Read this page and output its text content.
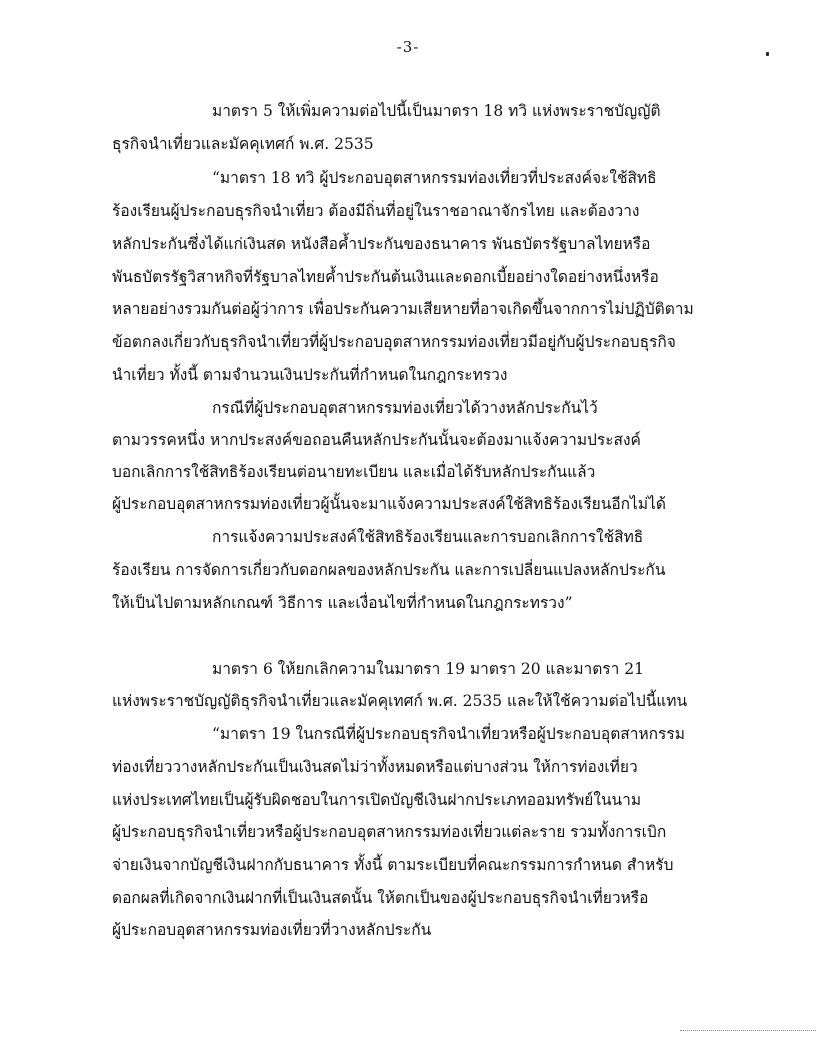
-3-
มาตรา 5 ให้เพิ่มความต่อไปนี้เป็นมาตรา 18 ทวิ แห่งพระราชบัญญัติ
ธุรกิจนำเที่ยวและมัคคุเทศก์ พ.ศ. 2535
“มาตรา 18 ทวิ ผู้ประกอบอุตสาหกรรมท่องเที่ยวที่ประสงค์จะใช้สิทธิ
ร้องเรียนผู้ประกอบธุรกิจนำเที่ยว ต้องมีถิ่นที่อยู่ในราชอาณาจักรไทย และต้องวาง
หลักประกันซึ่งได้แก่เงินสด หนังสือค้ำประกันของธนาคาร พันธบัตรรัฐบาลไทยหรือ
พันธบัตรรัฐวิสาหกิจที่รัฐบาลไทยค้ำประกันต้นเงินและดอกเบี้ยอย่างใดอย่างหนึ่งหรือ
หลายอย่างรวมกันต่อผู้ว่าการ เพื่อประกันความเสียหายที่อาจเกิดขึ้นจากการไม่ปฏิบัติตาม
ข้อตกลงเกี่ยวกับธุรกิจนำเที่ยวที่ผู้ประกอบอุตสาหกรรมท่องเที่ยวมีอยู่กับผู้ประกอบธุรกิจ
นำเที่ยว ทั้งนี้ ตามจำนวนเงินประกันที่กำหนดในกฎกระทรวง
กรณีที่ผู้ประกอบอุตสาหกรรมท่องเที่ยวได้วางหลักประกันไว้
ตามวรรคหนึ่ง หากประสงค์ขอถอนคืนหลักประกันนั้นจะต้องมาแจ้งความประสงค์
บอกเลิกการใช้สิทธิร้องเรียนต่อนายทะเบียน และเมื่อได้รับหลักประกันแล้ว
ผู้ประกอบอุตสาหกรรมท่องเที่ยวผู้นั้นจะมาแจ้งความประสงค์ใช้สิทธิร้องเรียนอีกไม่ได้
การแจ้งความประสงค์ใช้สิทธิร้องเรียนและการบอกเลิกการใช้สิทธิ
ร้องเรียน การจัดการเกี่ยวกับดอกผลของหลักประกัน และการเปลี่ยนแปลงหลักประกัน
ให้เป็นไปตามหลักเกณฑ์ วิธีการ และเงื่อนไขที่กำหนดในกฎกระทรวง”
มาตรา 6 ให้ยกเลิกความในมาตรา 19 มาตรา 20 และมาตรา 21
แห่งพระราชบัญญัติธุรกิจนำเที่ยวและมัคคุเทศก์ พ.ศ. 2535 และให้ใช้ความต่อไปนี้แทน
“มาตรา 19 ในกรณีที่ผู้ประกอบธุรกิจนำเที่ยวหรือผู้ประกอบอุตสาหกรรม
ท่องเที่ยววางหลักประกันเป็นเงินสดไม่ว่าทั้งหมดหรือแต่บางส่วน ให้การท่องเที่ยว
แห่งประเทศไทยเป็นผู้รับผิดชอบในการเปิดบัญชีเงินฝากประเภทออมทรัพย์ในนาม
ผู้ประกอบธุรกิจนำเที่ยวหรือผู้ประกอบอุตสาหกรรมท่องเที่ยวแต่ละราย รวมทั้งการเบิก
จ่ายเงินจากบัญชีเงินฝากกับธนาคาร ทั้งนี้ ตามระเบียบที่คณะกรรมการกำหนด สำหรับ
ดอกผลที่เกิดจากเงินฝากที่เป็นเงินสดนั้น ให้ตกเป็นของผู้ประกอบธุรกิจนำเที่ยวหรือ
ผู้ประกอบอุตสาหกรรมท่องเที่ยวที่วางหลักประกัน
